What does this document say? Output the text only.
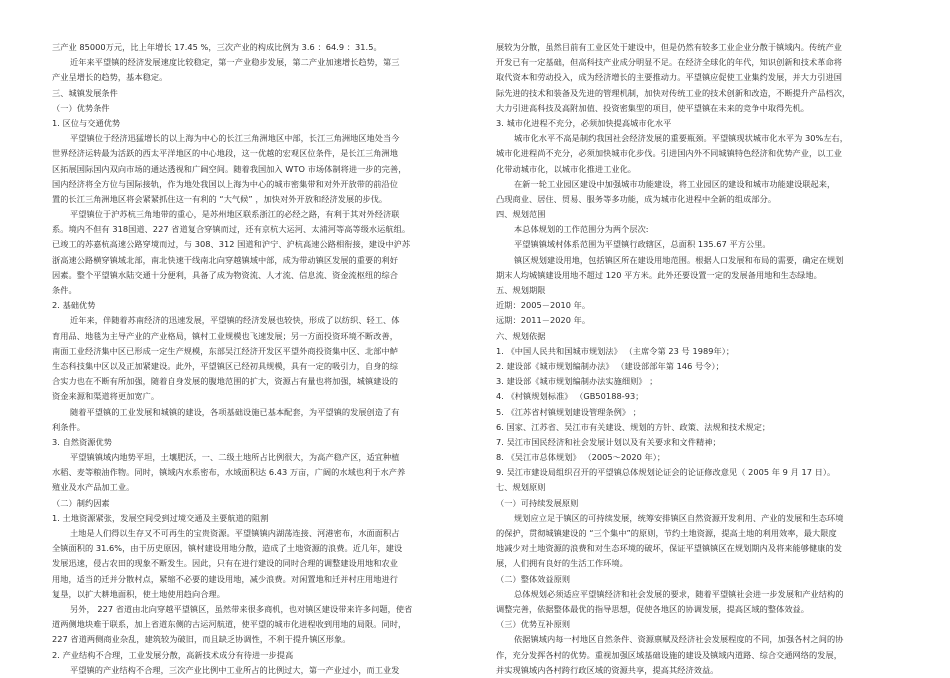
三产业 85000万元，比上年增长 17.45 %，三次产业的构成比例为 3.6 ：64.9 ：31.5。
近年来平望镇的经济发展速度比较稳定，第一产业稳步发展，第二产业加速增长趋势，第三
产业呈增长的趋势，基本稳定。
三、城镇发展条件
（一）优势条件
1. 区位与交通优势
平望镇位于经济迅猛增长的以上海为中心的长江三角洲地区中部，长江三角洲地区地处当今
世界经济运转最为活跃的西太平洋地区的中心地段，这一优越的宏观区位条件，是长江三角洲地
区拓展国际国内双向市场的通达透视和广阔空间。随着我国加入 WTO 市场体制将进一步的完善，
国内经济将全方位与国际接轨，作为地处我国以上海为中心的城市密集带和对外开放带的前沿位
置的长江三角洲地区将会紧紧抓住这一有利的 “大气候” ，加快对外开放和经济发展的步伐。
平望镇位于沪苏杭三角地带的重心，是苏州地区联系浙江的必经之路，有利于其对外经济联
系。境内不但有 318国道、227 省道复合穿镇而过，还有京杭大运河、太浦河等高等级水运航组。
已竣工的苏嘉杭高速公路穿境而过，与 308、312 国道和沪宁、沪杭高速公路相衔接，建设中沪苏
浙高速公路横穿镇域北部，南北快速干线南北向穿越镇域中部，成为带动镇区发展的重要的利好
因素。整个平望镇水陆交通十分便利，具备了成为物资流、人才流、信息流、资金流枢纽的综合
条件。
2. 基础优势
近年来，伴随着苏南经济的迅速发展，平望镇的经济发展也较快，形成了以纺织、轻工、体
育用品、地毯为主导产业的产业格局，镇村工业规模也飞速发展；另一方面投资环境不断改善，
南面工业经济集中区已形成一定生产规模，东部吴江经济开发区平望外商投资集中区、北部中鲈
生态科技集中区以及正加紧建设。此外，平望镇区已经初具规模，具有一定的吸引力，自身的综
合实力也在不断有所加强，随着自身发展的腹地范围的扩大，资源占有量也将加强，城镇建设的
资金来源和渠道将更加宽广。
随着平望镇的工业发展和城镇的建设，各项基础设施已基本配套，为平望镇的发展创造了有
利条件。
3. 自然资源优势
平望镇镇域内地势平坦，土壤肥沃，一、二级土地所占比例很大，为高产稳产区，适宜种植
水稻、麦等粮油作物。同时，镇域内水系密布，水域面积达 6.43 万亩，广阔的水域也利于水产养
殖业及水产品加工业。
（二）制约因素
1. 土地资源紧张，发展空间受到过境交通及主要航道的阻割
土地是人们得以生存又不可再生的宝贵资源。平望镇镇内湖荡连接、河港密布，水面面积占
全镇面积的 31.6%，由于历史原因，镇村建设用地分散，造成了土地资源的浪费。近几年，建设
发展迅速，侵占农田的现象不断发生。因此，只有在进行建设的同时合理的调整建设用地和农业
用地，适当的迁并分散村点，紧缩不必要的建设用地，减少浪费。对闲置地和迁并村庄用地进行
复垦，以扩大耕地面积，使土地使用趋向合理。
另外， 227 省道由北向穿越平望镇区，虽然带来很多商机，也对镇区建设带来许多问题，使省
道两侧地块难于联系，加上省道东侧的古运河航道，使平望的城市化进程收到用地的局限。同时，
227 省道两侧商业杂乱，建筑较为破旧，而且缺乏协调性，不利于提升镇区形象。
2. 产业结构不合理，工业发展分散，高新技术成分有待进一步提高
平望镇的产业结构不合理，三次产业比例中工业所占的比例过大，第一产业过小，而工业发
展较为分散，虽然目前有工业区处于建设中，但是仍然有较多工业企业分散于镇域内。传统产业
开发已有一定基础，但高科技产业成分明显不足。在经济全球化的年代，知识创新和技术革命将
取代资本和劳动投入，成为经济增长的主要推动力。平望镇应促使工业集约发展，并大力引进国
际先进的技术和装备及先进的管理机制，加快对传统工业的技术创新和改造，不断提升产品档次，
大力引进高科技及高附加值、投资密集型的项目，使平望镇在未来的竞争中取得先机。
3. 城市化进程不充分，必须加快提高城市化水平
城市化水平不高是制约我国社会经济发展的重要瓶颈。平望镇现状城市化水平为 30%左右，
城市化进程尚不充分，必须加快城市化步伐。引进国内外不同城镇特色经济和优势产业，以工业
化带动城市化，以城市化推进工业化。
在新一轮工业园区建设中加强城市功能建设，将工业园区的建设和城市功能建设联起来，
凸现商业、居住、贸易、服务等多功能，成为城市化进程中全新的组成部分。
四、规划范围
本总体规划的工作范围分为两个层次:
平望镇镇域村体系范围为平望镇行政辖区，总面积 135.67 平方公里。
镇区规划建设用地，包括镇区所在建设用地范围。根据人口发展和布局的需要，确定在规划
期末人均城镇建设用地不超过 120 平方米。此外还要设置一定的发展备用地和生态绿地。
五、规划期限
近期：2005－2010 年。
远期：2011－2020 年。
六、规划依据
1. 《中国人民共和国城市规划法》 （主席令第 23 号 1989年）；
2. 建设部《城市规划编制办法》 （建设部部年第 146 号令）；
3. 建设部《城市规划编制办法实施细则》 ；
4. 《村镇规划标准》 （GB50188-93；
5. 《江苏省村镇规划建设管理条例》 ；
6. 国家、江苏省、吴江市有关建设、规划的方针、政策、法规和技术规定；
7. 吴江市国民经济和社会发展计划以及有关要求和文件精神；
8. 《吴江市总体规划》 （2005～2020 年）；
9. 吴江市建设局组织召开的平望镇总体规划论证会的论证修改意见（ 2005 年 9 月 17 日）。
七、规划原则
（一）可持续发展原则
规划应立足于镇区的可持续发展，统筹安排镇区自然资源开发利用、产业的发展和生态环境
的保护，贯彻城镇建设的 “三个集中”的原则，节约土地资源，提高土地的利用效率，最大限度
地减少对土地资源的浪费和对生态环境的破坏，保证平望镇镇区在规划期内及将来能够健康的发
展，人们拥有良好的生活工作环境。
（二）整体效益原则
总体规划必须适应平望镇经济和社会发展的要求，随着平望镇社会进一步发展和产业结构的
调整完善，依据整体最优的指导思想，促使各地区的协调发展，提高区域的整体效益。
（三）优势互补原则
依据镇域内每一村地区自然条件、资源禀赋及经济社会发展程度的不同，加强各村之间的协
作，充分发挥各村的优势。重视加强区域基础设施的建设及镇域内道路、综合交通网络的发展，
并实现镇域内各村跨行政区域的资源共享，提高其经济效益。
